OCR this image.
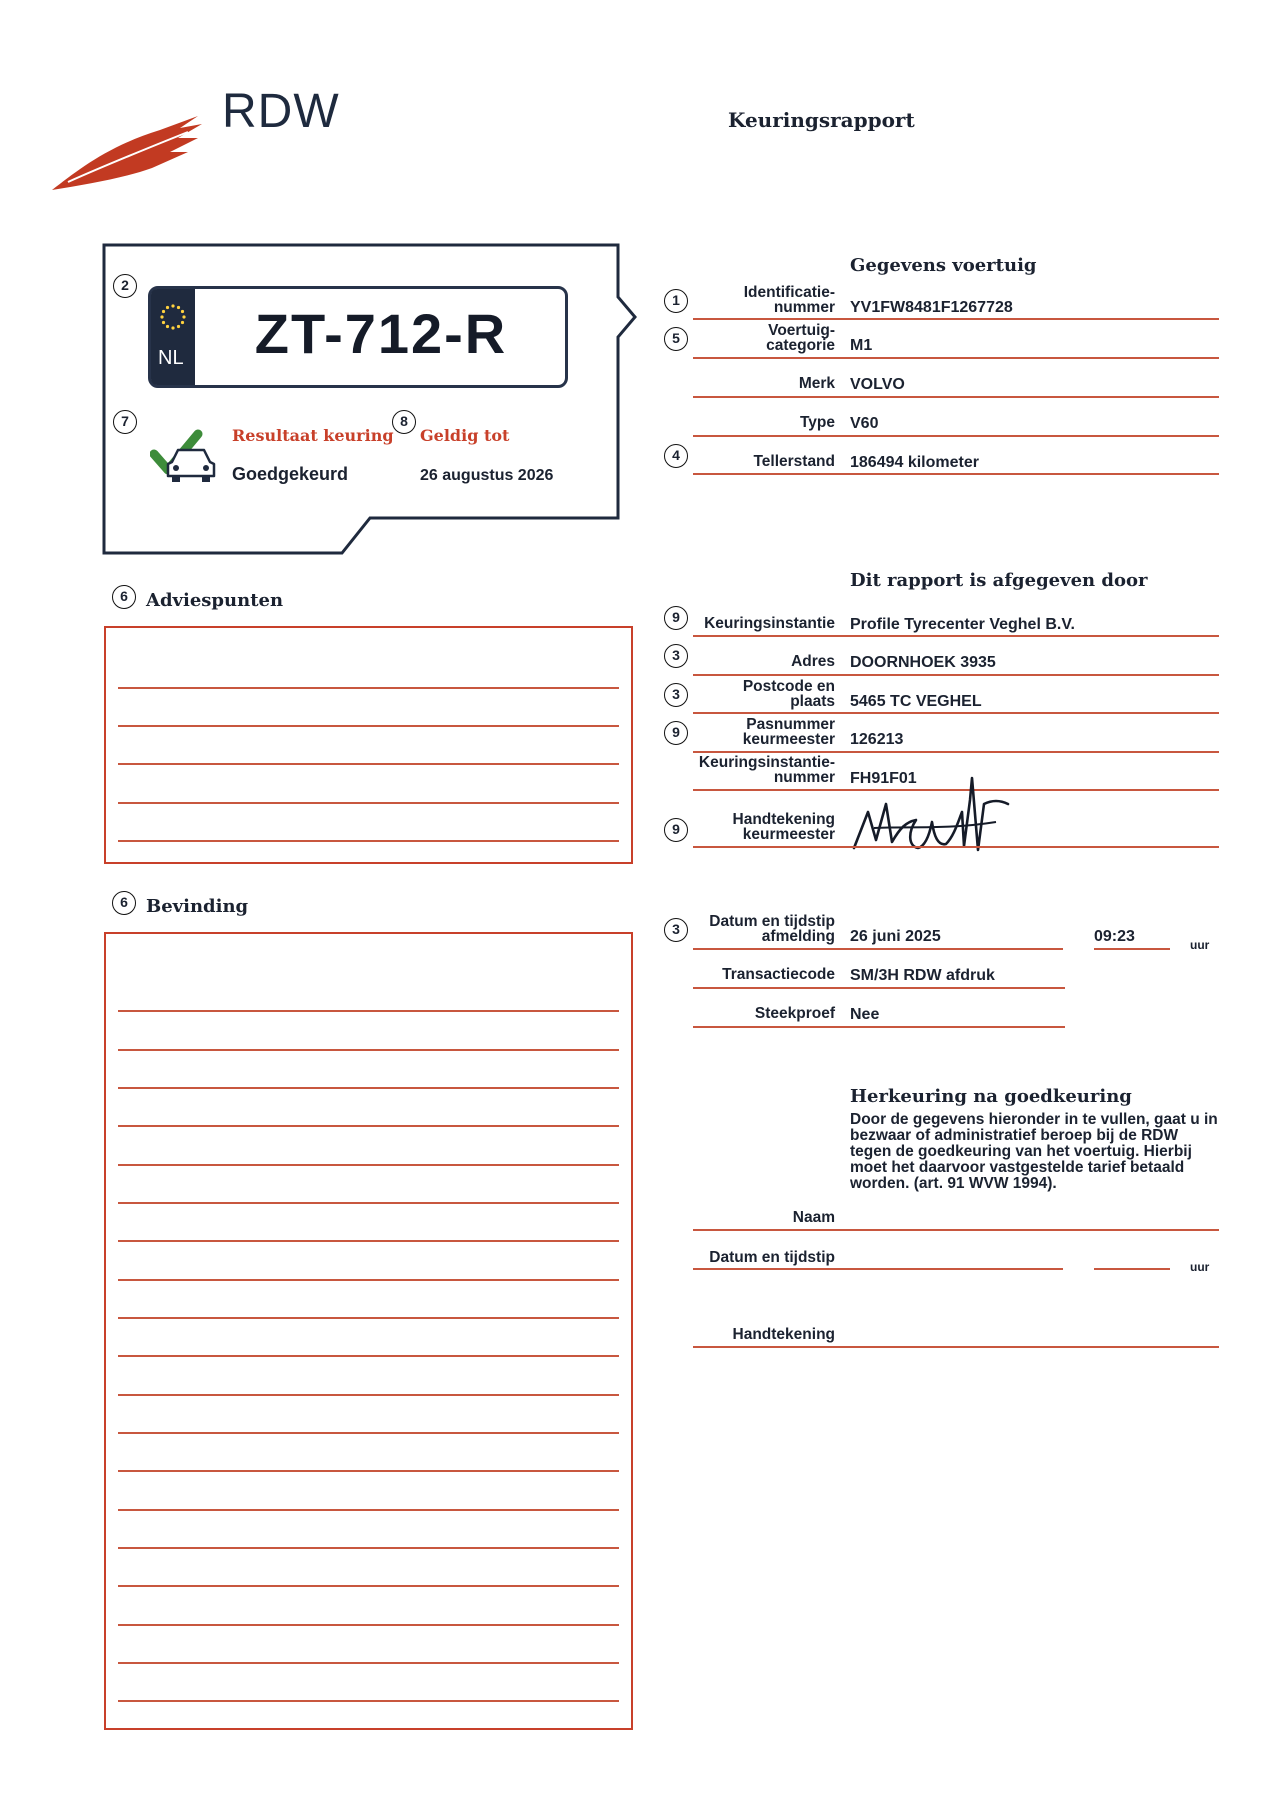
RDW	Keuringsrapport
2
NL	ZT-712-R
7
Resultaat keuring
Goedgekeurd
8
Geldig tot
26 augustus 2026
6	Adviespunten
6	Bevinding
Gegevens voertuig
1	Identificatie-
nummer YV1FW8481F1267728
5	Voertuig-
categorie M1
Merk VOLVO
Type V60
4	Tellerstand 186494 kilometer
Dit rapport is afgegeven door
9	Keuringsinstantie Profile Tyrecenter Veghel B.V.
3	Adres DOORNHOEK 3935
3	Postcode en
plaats 5465 TC VEGHEL
9	Pasnummer
keurmeester 126213
Keuringsinstantie-
nummer FH91F01
9
Handtekening
keurmeester
3	Datum en tijdstip
afmelding 26 juni 2025	09:23	uur
Transactiecode SM/3H RDW afdruk
Steekproef Nee
Herkeuring na goedkeuring
Door de gegevens hieronder in te vullen, gaat u in bezwaar of administratief beroep bij de RDW tegen de goedkeuring van het voertuig. Hierbij moet het daarvoor vastgestelde tarief betaald worden. (art. 91 WVW 1994).
Naam
Datum en tijdstip
uur
Handtekening
